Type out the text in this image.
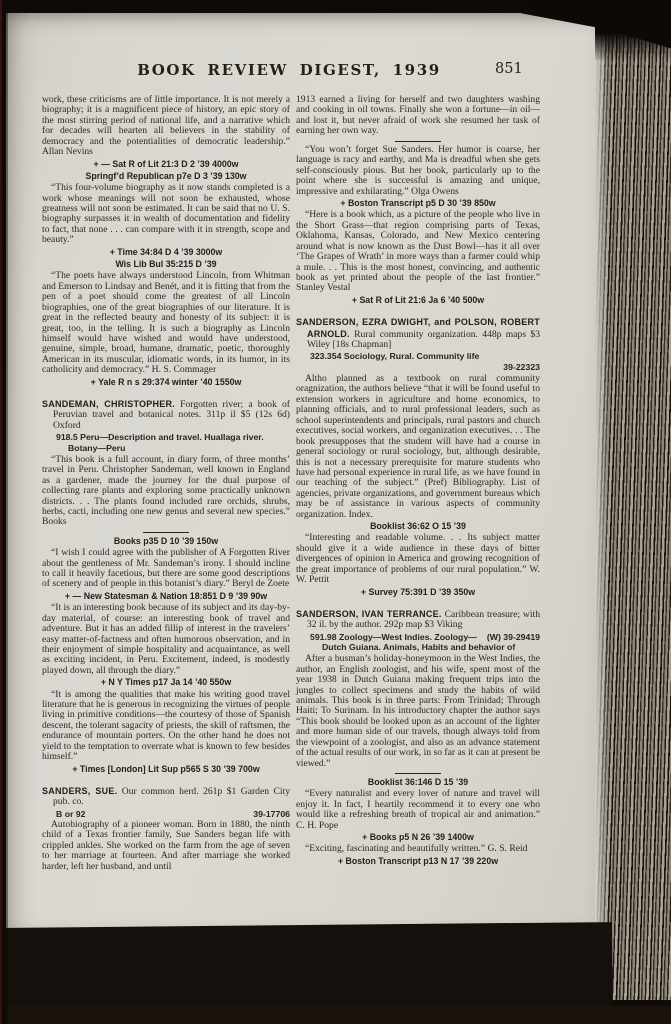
BOOK REVIEW DIGEST, 1939	851

work, these criticisms are of little importance. It is not merely a biography; it is a magnificent piece of history, an epic story of the most stirring period of national life, and a narrative which for decades will hearten all believers in the stability of democracy and the potentialities of democratic leadership.” Allan Nevins

+ — Sat R of Lit 21:3 D 2 ’39 4000w
Springf’d Republican p7e D 3 ’39 130w

“This four-volume biography as it now stands completed is a work whose meanings will not soon be exhausted, whose greatness will not soon be estimated. It can be said that no U. S. biography surpasses it in wealth of documentation and fidelity to fact, that none . . . can compare with it in strength, scope and beauty.”

+ Time 34:84 D 4 ’39 3000w
Wis Lib Bul 35:215 D ’39

“The poets have always understood Lincoln, from Whitman and Emerson to Lindsay and Benét, and it is fitting that from the pen of a poet should come the greatest of all Lincoln biographies, one of the great biographies of our literature. It is great in the reflected beauty and honesty of its subject: it is great, too, in the telling. It is such a biography as Lincoln himself would have wished and would have understood, genuine, simple, broad, humane, dramatic, poetic, thoroughly American in its muscular, idiomatic words, in its humor, in its catholicity and democracy.” H. S. Commager

+ Yale R n s 29:374 winter ’40 1550w

SANDEMAN, CHRISTOPHER. Forgotten river; a book of Peruvian travel and botanical notes. 311p il $5 (12s 6d) Oxford

918.5 Peru—Description and travel. Huallaga river. Botany—Peru

“This book is a full account, in diary form, of three months’ travel in Peru. Christopher Sandeman, well known in England as a gardener, made the journey for the dual purpose of collecting rare plants and exploring some practically unknown districts. . . The plants found included rare orchids, shrubs, herbs, cacti, including one new genus and several new species.” Books

Books p35 D 10 ’39 150w

“I wish I could agree with the publisher of A Forgotten River about the gentleness of Mr. Sandeman’s irony. I should incline to call it heavily facetious, but there are some good descriptions of scenery and of people in this botanist’s diary.” Beryl de Zoete

+ — New Statesman & Nation 18:851 D 9 ’39 90w

“It is an interesting book because of its subject and its day-by-day material, of course: an interesting book of travel and adventure. But it has an added fillip of interest in the travelers’ easy matter-of-factness and often humorous observation, and in their enjoyment of simple hospitality and acquaintance, as well as exciting incident, in Peru. Excitement, indeed, is modestly played down, all through the diary.”

+ N Y Times p17 Ja 14 ’40 550w

“It is among the qualities that make his writing good travel literature that he is generous in recognizing the virtues of people living in primitive conditions—the courtesy of those of Spanish descent, the tolerant sagacity of priests, the skill of raftsmen, the endurance of mountain porters. On the other hand he does not yield to the temptation to overrate what is known to few besides himself.”

+ Times [London] Lit Sup p565 S 30 ’39 700w

SANDERS, SUE. Our common herd. 261p $1 Garden City pub. co.

B or 92	39-17706

Autobiography of a pioneer woman. Born in 1880, the ninth child of a Texas frontier family, Sue Sanders began life with crippled ankles. She worked on the farm from the age of seven to her marriage at fourteen. And after marriage she worked harder, left her husband, and until

1913 earned a living for herself and two daughters washing and cooking in oil towns. Finally she won a fortune—in oil—and lost it, but never afraid of work she resumed her task of earning her own way.

“You won’t forget Sue Sanders. Her humor is coarse, her language is racy and earthy, and Ma is dreadful when she gets self-consciously pious. But her book, particularly up to the point where she is successful is amazing and unique, impressive and exhilarating.” Olga Owens

+ Boston Transcript p5 D 30 ’39 850w

“Here is a book which, as a picture of the people who live in the Short Grass—that region comprising parts of Texas, Oklahoma, Kansas, Colorado, and New Mexico centering around what is now known as the Dust Bowl—has it all over ‘The Grapes of Wrath’ in more ways than a farmer could whip a mule. . . This is the most honest, convincing, and authentic book as yet printed about the people of the last frontier.” Stanley Vestal

+ Sat R of Lit 21:6 Ja 6 ’40 500w

SANDERSON, EZRA DWIGHT, and POLSON, ROBERT ARNOLD. Rural community organization. 448p maps $3 Wiley [18s Chapman]

323.354 Sociology, Rural. Community life
39-22323

Altho planned as a textbook on rural community oragnization, the authors believe “that it will be found useful to extension workers in agriculture and home economics, to planning officials, and to rural professional leaders, such as school superintendents and principals, rural pastors and church executives, social workers, and organization executives. . . The book presupposes that the student will have had a course in general sociology or rural sociology, but, although desirable, this is not a necessary prerequisite for mature students who have had personal experience in rural life, as we have found in our teaching of the subject.” (Pref) Bibliography. List of agencies, private organizations, and government bureaus which may be of assistance in various aspects of community organization. Index.

Booklist 36:62 O 15 ’39

“Interesting and readable volume. . . Its subject matter should give it a wide audience in these days of bitter divergences of opinion in America and growing recognition of the great importance of problems of our rural population.” W. W. Pettit

+ Survey 75:391 D ’39 350w

SANDERSON, IVAN TERRANCE. Caribbean treasure; with 32 il. by the author. 292p map $3 Viking

(W) 39-29419
591.98 Zoology—West Indies. Zoology—Dutch Guiana. Animals, Habits and behavior of

After a busman’s holiday-honeymoon in the West Indies, the author, an English zoologist, and his wife, spent most of the year 1938 in Dutch Guiana making frequent trips into the jungles to collect specimens and study the habits of wild animals. This book is in three parts: From Trinidad; Through Haiti; To Surinam. In his introductory chapter the author says “This book should be looked upon as an account of the lighter and more human side of our travels, though always told from the viewpoint of a zoologist, and also as an advance statement of the actual results of our work, in so far as it can at present be viewed.”

Booklist 36:146 D 15 ’39

“Every naturalist and every lover of nature and travel will enjoy it. In fact, I heartily recommend it to every one who would like a refreshing breath of tropical air and animation.” C. H. Pope

+ Books p5 N 26 ’39 1400w

“Exciting, fascinating and beautifully written.” G. S. Reid

+ Boston Transcript p13 N 17 ’39 220w
